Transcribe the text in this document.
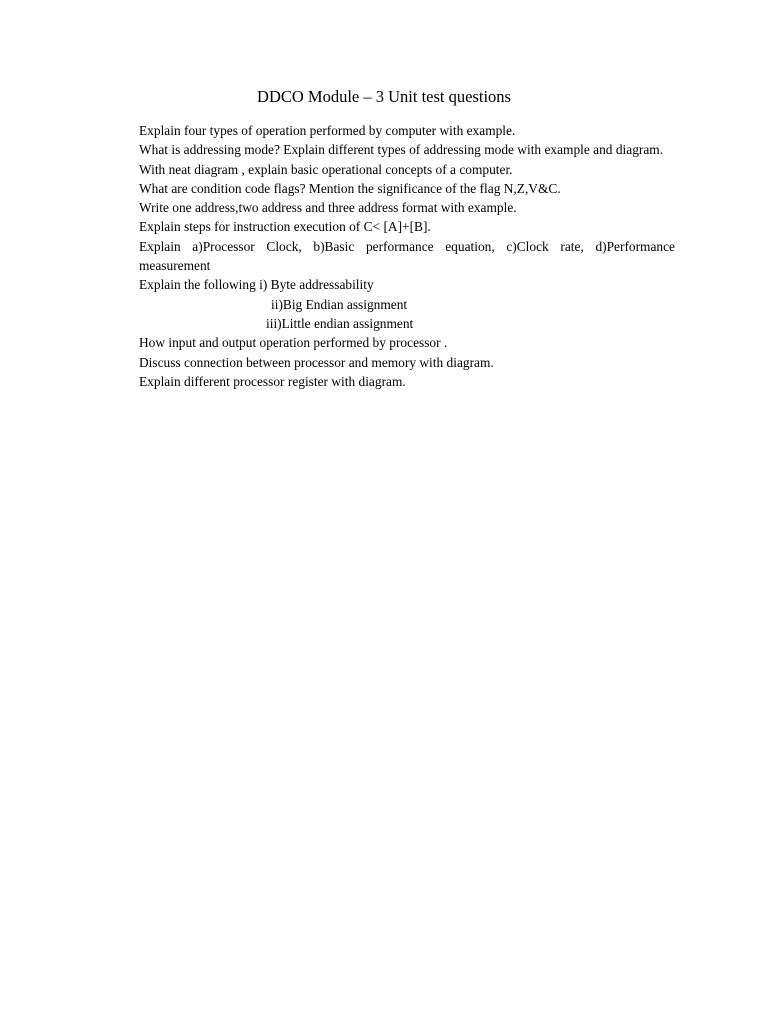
DDCO Module – 3 Unit test questions

Explain four types of operation performed by computer with example.

What is addressing mode? Explain different types of addressing mode with example and diagram.

With neat diagram , explain basic operational concepts of a computer.

What are condition code flags? Mention the significance of the flag N,Z,V&C.

Write one address,two address and three address format with example.

Explain steps for instruction execution of C< [A]+[B].

Explain a)Processor Clock, b)Basic performance equation, c)Clock rate, d)Performance measurement

Explain the following i) Byte addressability

ii)Big Endian assignment

iii)Little endian assignment

How input and output operation performed by processor .

Discuss connection between processor and memory with diagram.

Explain different processor register with diagram.
